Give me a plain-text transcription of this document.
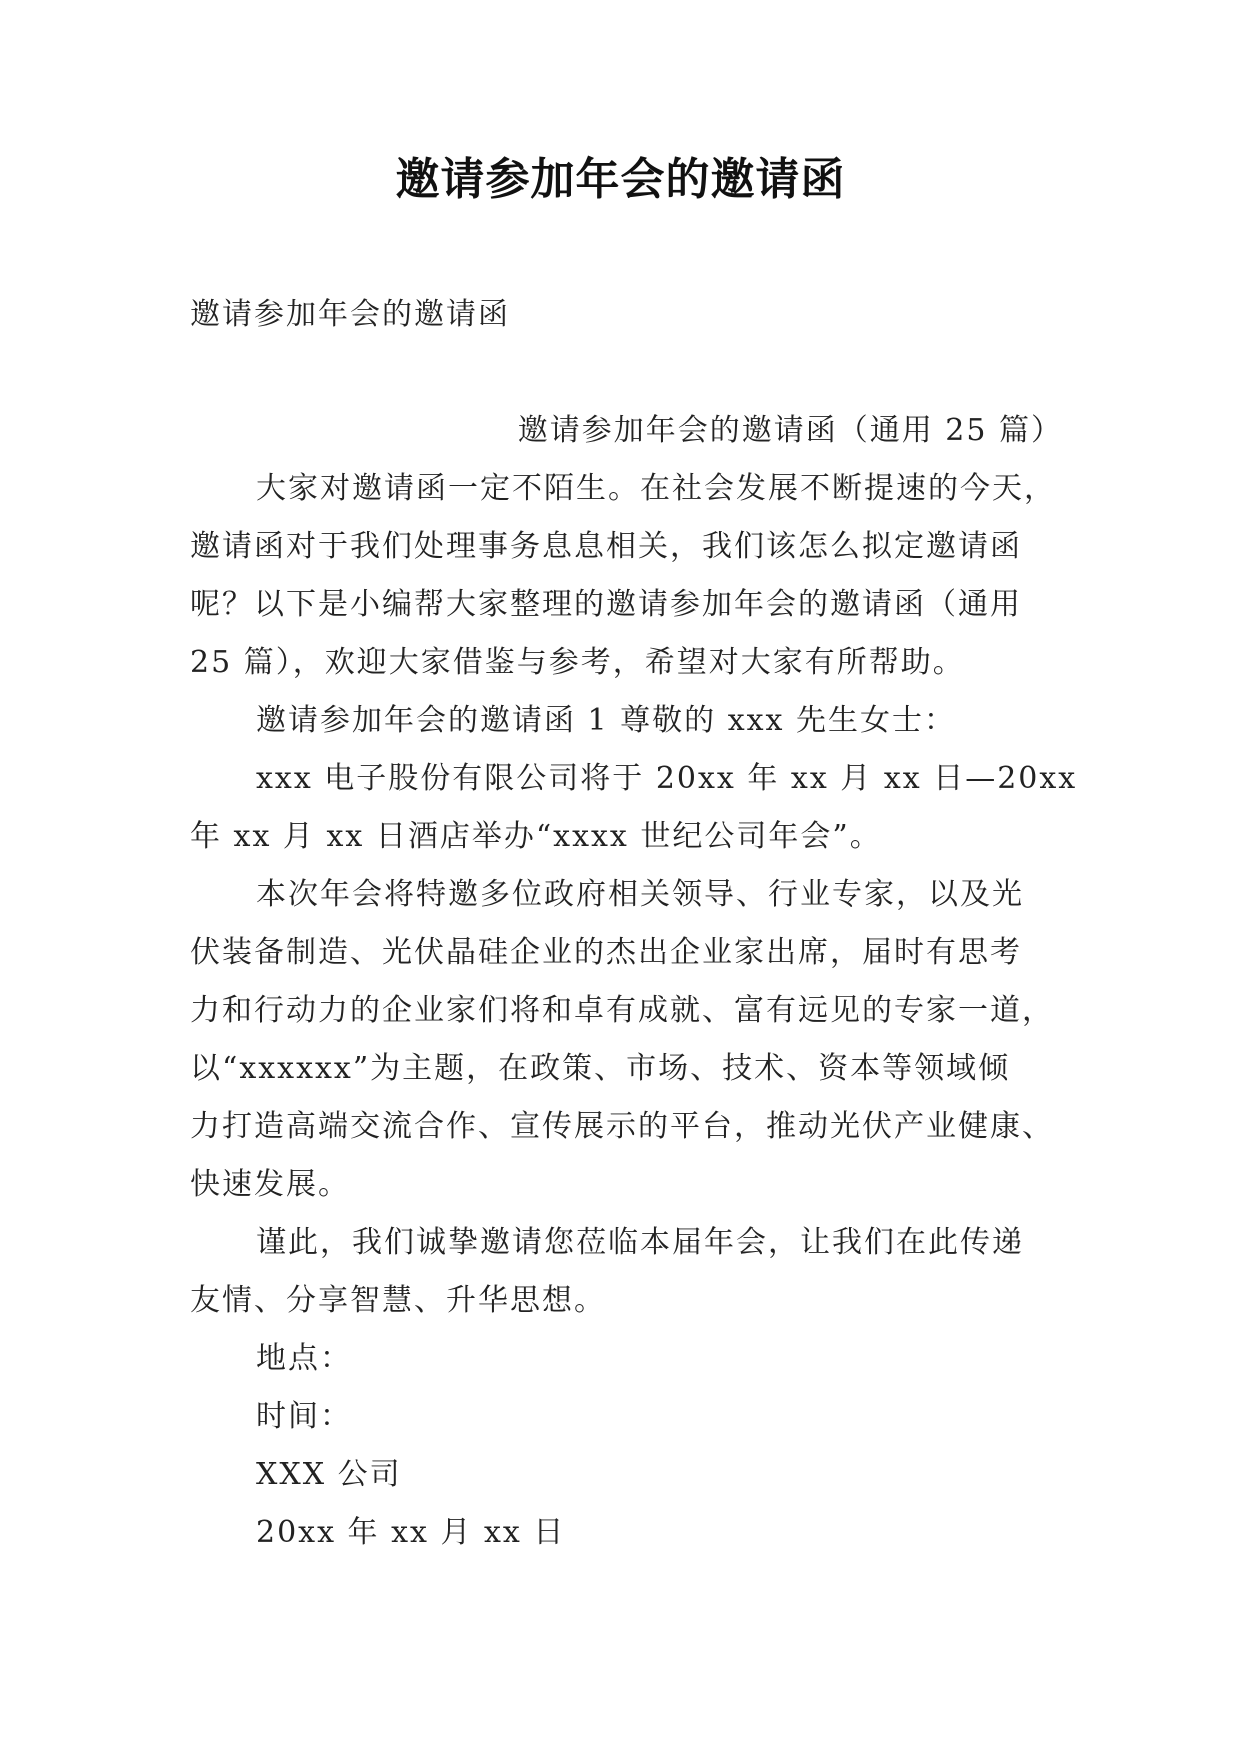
邀请参加年会的邀请函
邀请参加年会的邀请函
邀请参加年会的邀请函（通用 25 篇）
大家对邀请函一定不陌生。在社会发展不断提速的今天，
邀请函对于我们处理事务息息相关，我们该怎么拟定邀请函
呢？以下是小编帮大家整理的邀请参加年会的邀请函（通用
25 篇），欢迎大家借鉴与参考，希望对大家有所帮助。
邀请参加年会的邀请函 1 尊敬的 xxx 先生女士：
xxx 电子股份有限公司将于 20xx 年 xx 月 xx 日—20xx
年 xx 月 xx 日酒店举办“xxxx 世纪公司年会”。
本次年会将特邀多位政府相关领导、行业专家，以及光
伏装备制造、光伏晶硅企业的杰出企业家出席，届时有思考
力和行动力的企业家们将和卓有成就、富有远见的专家一道，
以“xxxxxx”为主题，在政策、市场、技术、资本等领域倾
力打造高端交流合作、宣传展示的平台，推动光伏产业健康、
快速发展。
谨此，我们诚挚邀请您莅临本届年会，让我们在此传递
友情、分享智慧、升华思想。
地点：
时间：
XXX 公司
20xx 年 xx 月 xx 日
